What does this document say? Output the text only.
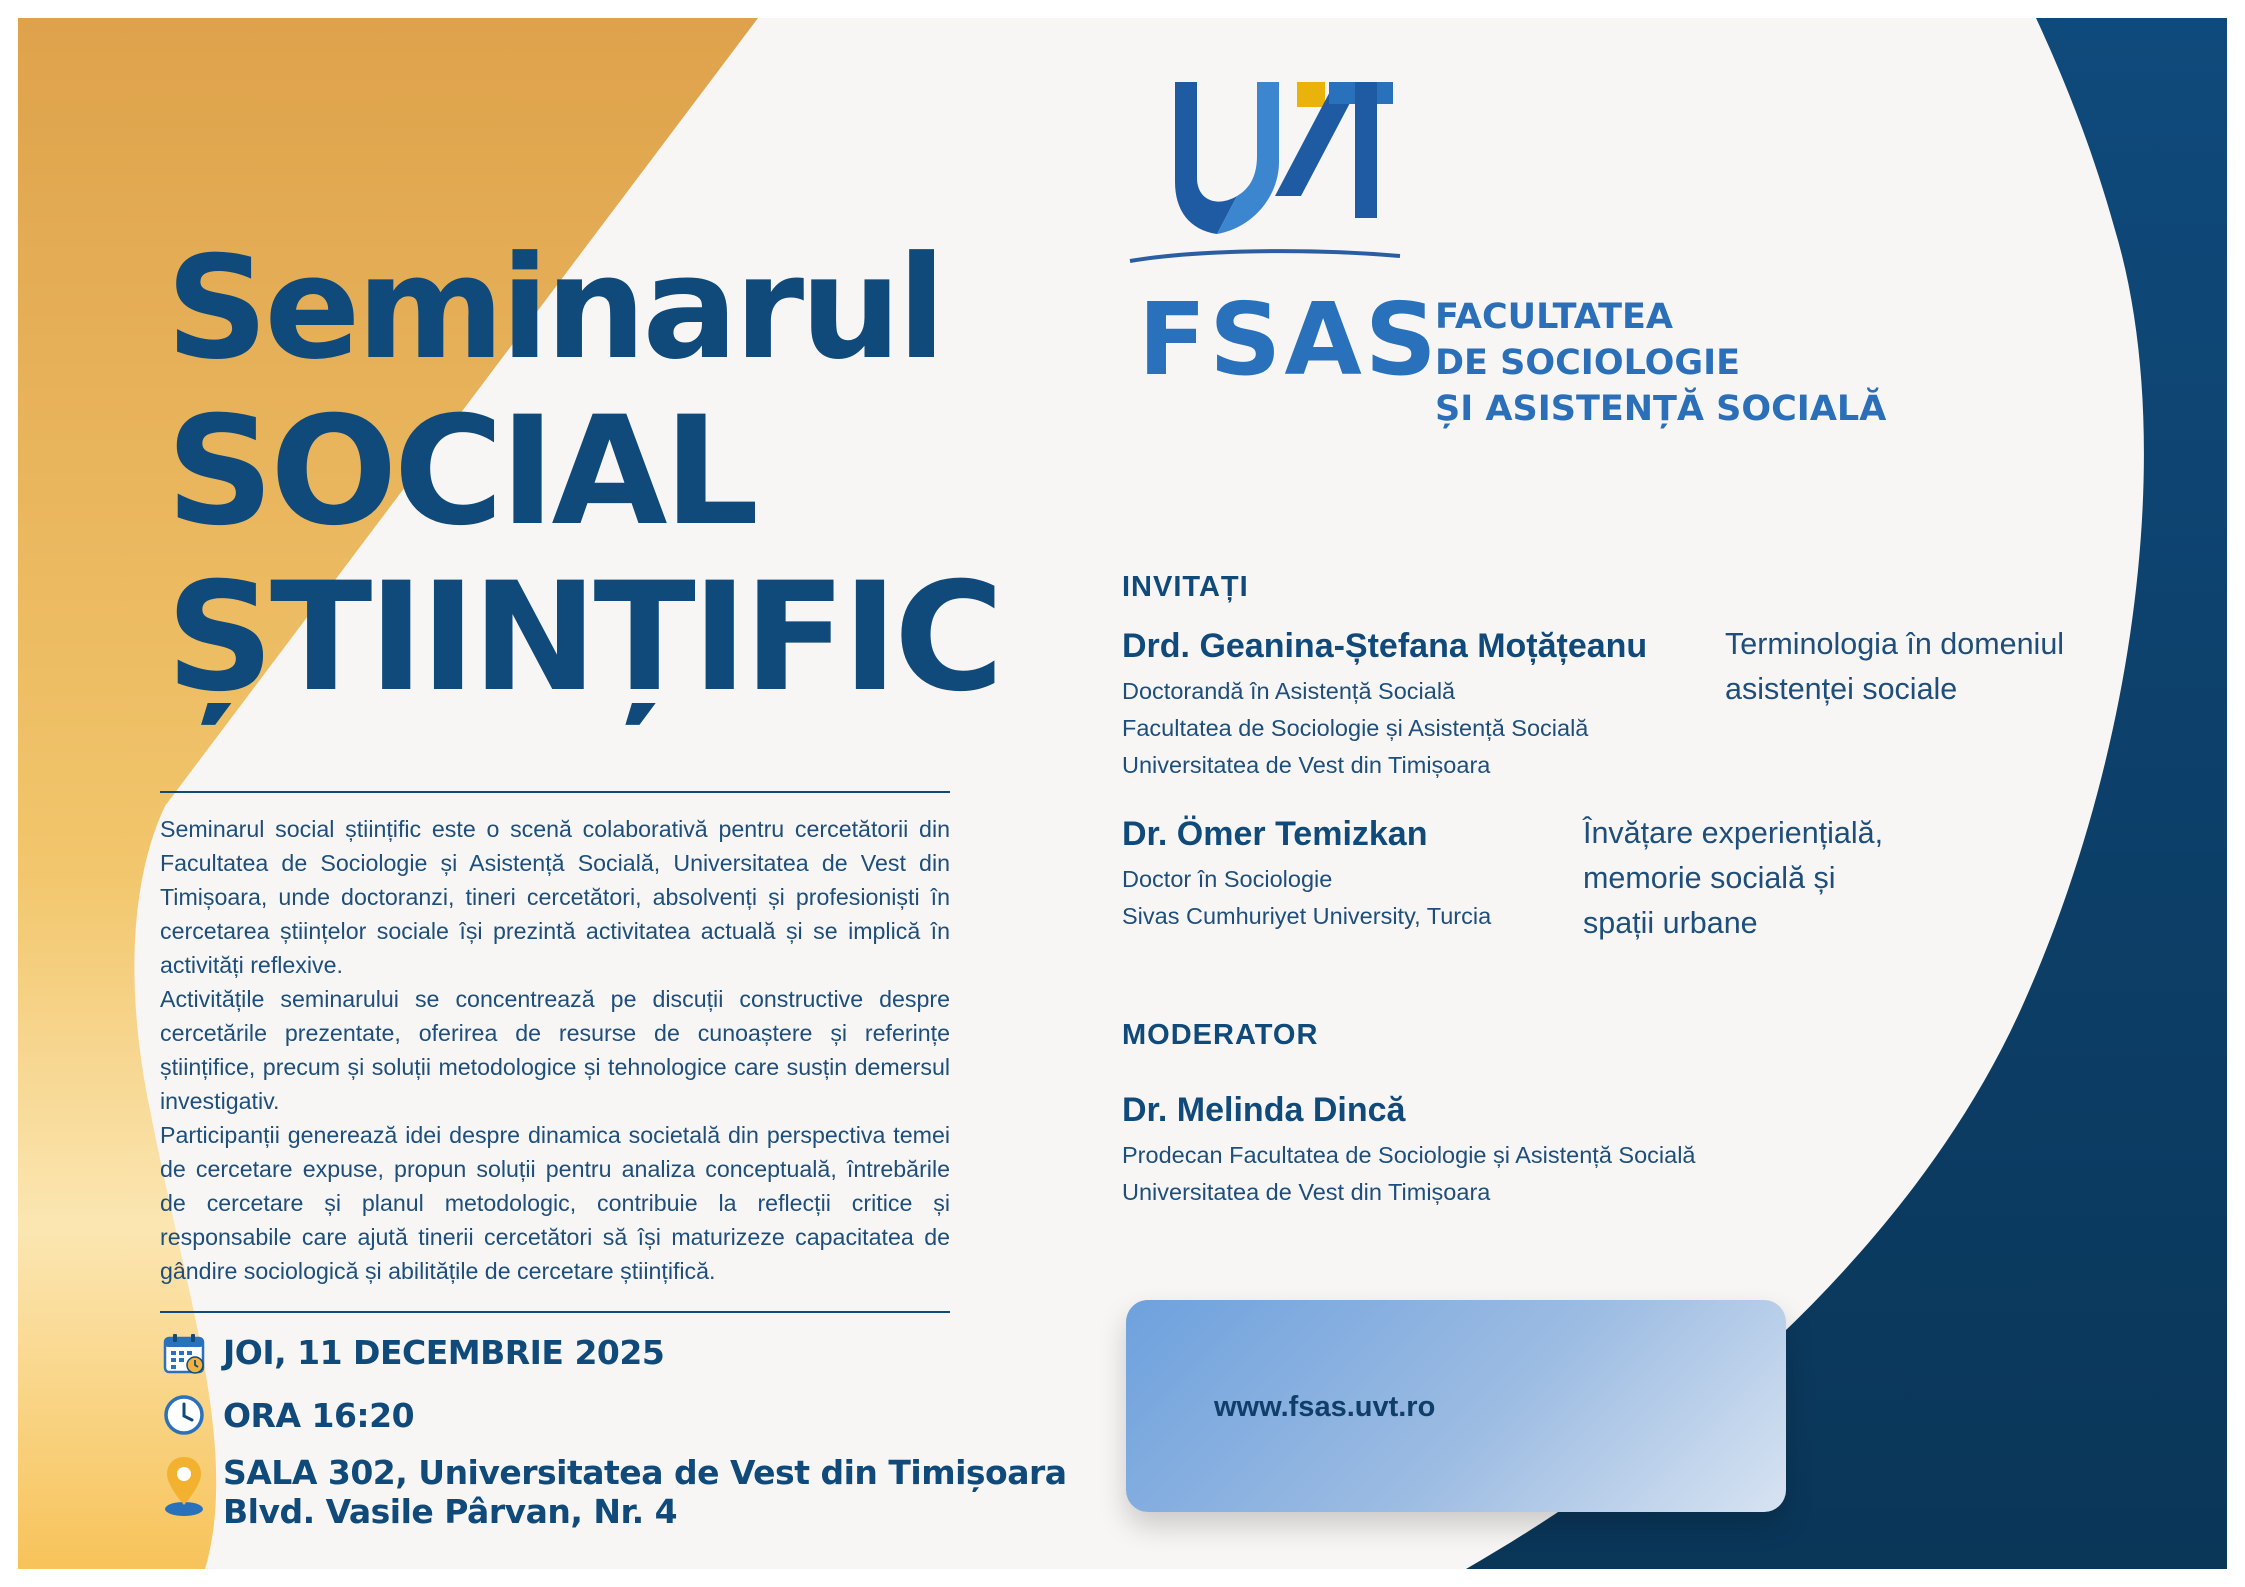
Seminarul
SOCIAL
ȘTIINȚIFIC

Seminarul social științific este o scenă colaborativă pentru cercetătorii din Facultatea de Sociologie și Asistență Socială, Universitatea de Vest din Timișoara, unde doctoranzi, tineri cercetători, absolvenți și profesioniști în cercetarea științelor sociale își prezintă activitatea actuală și se implică în activități reflexive.

Activitățile seminarului se concentrează pe discuții constructive despre cercetările prezentate, oferirea de resurse de cunoaștere și referințe științifice, precum și soluții metodologice și tehnologice care susțin demersul investigativ.

Participanții generează idei despre dinamica societală din perspectiva temei de cercetare expuse, propun soluții pentru analiza conceptuală, întrebările de cercetare și planul metodologic, contribuie la reflecții critice și responsabile care ajută tinerii cercetători să își maturizeze capacitatea de gândire sociologică și abilitățile de cercetare științifică.

JOI, 11 DECEMBRIE 2025
ORA 16:20
SALA 302, Universitatea de Vest din Timișoara
Blvd. Vasile Pârvan, Nr. 4
FSAS
FACULTATEA
DE SOCIOLOGIE
ȘI ASISTENȚĂ SOCIALĂ
INVITAȚI
Drd. Geanina-Ștefana Moțățeanu
Doctorandă în Asistență Socială
Facultatea de Sociologie și Asistență Socială
Universitatea de Vest din Timișoara
Terminologia în domeniul
asistenței sociale
Dr. Ömer Temizkan
Doctor în Sociologie
Sivas Cumhuriyet University, Turcia
Învățare experiențială,
memorie socială și
spații urbane
MODERATOR
Dr. Melinda Dincă
Prodecan Facultatea de Sociologie și Asistență Socială
Universitatea de Vest din Timișoara
www.fsas.uvt.ro
